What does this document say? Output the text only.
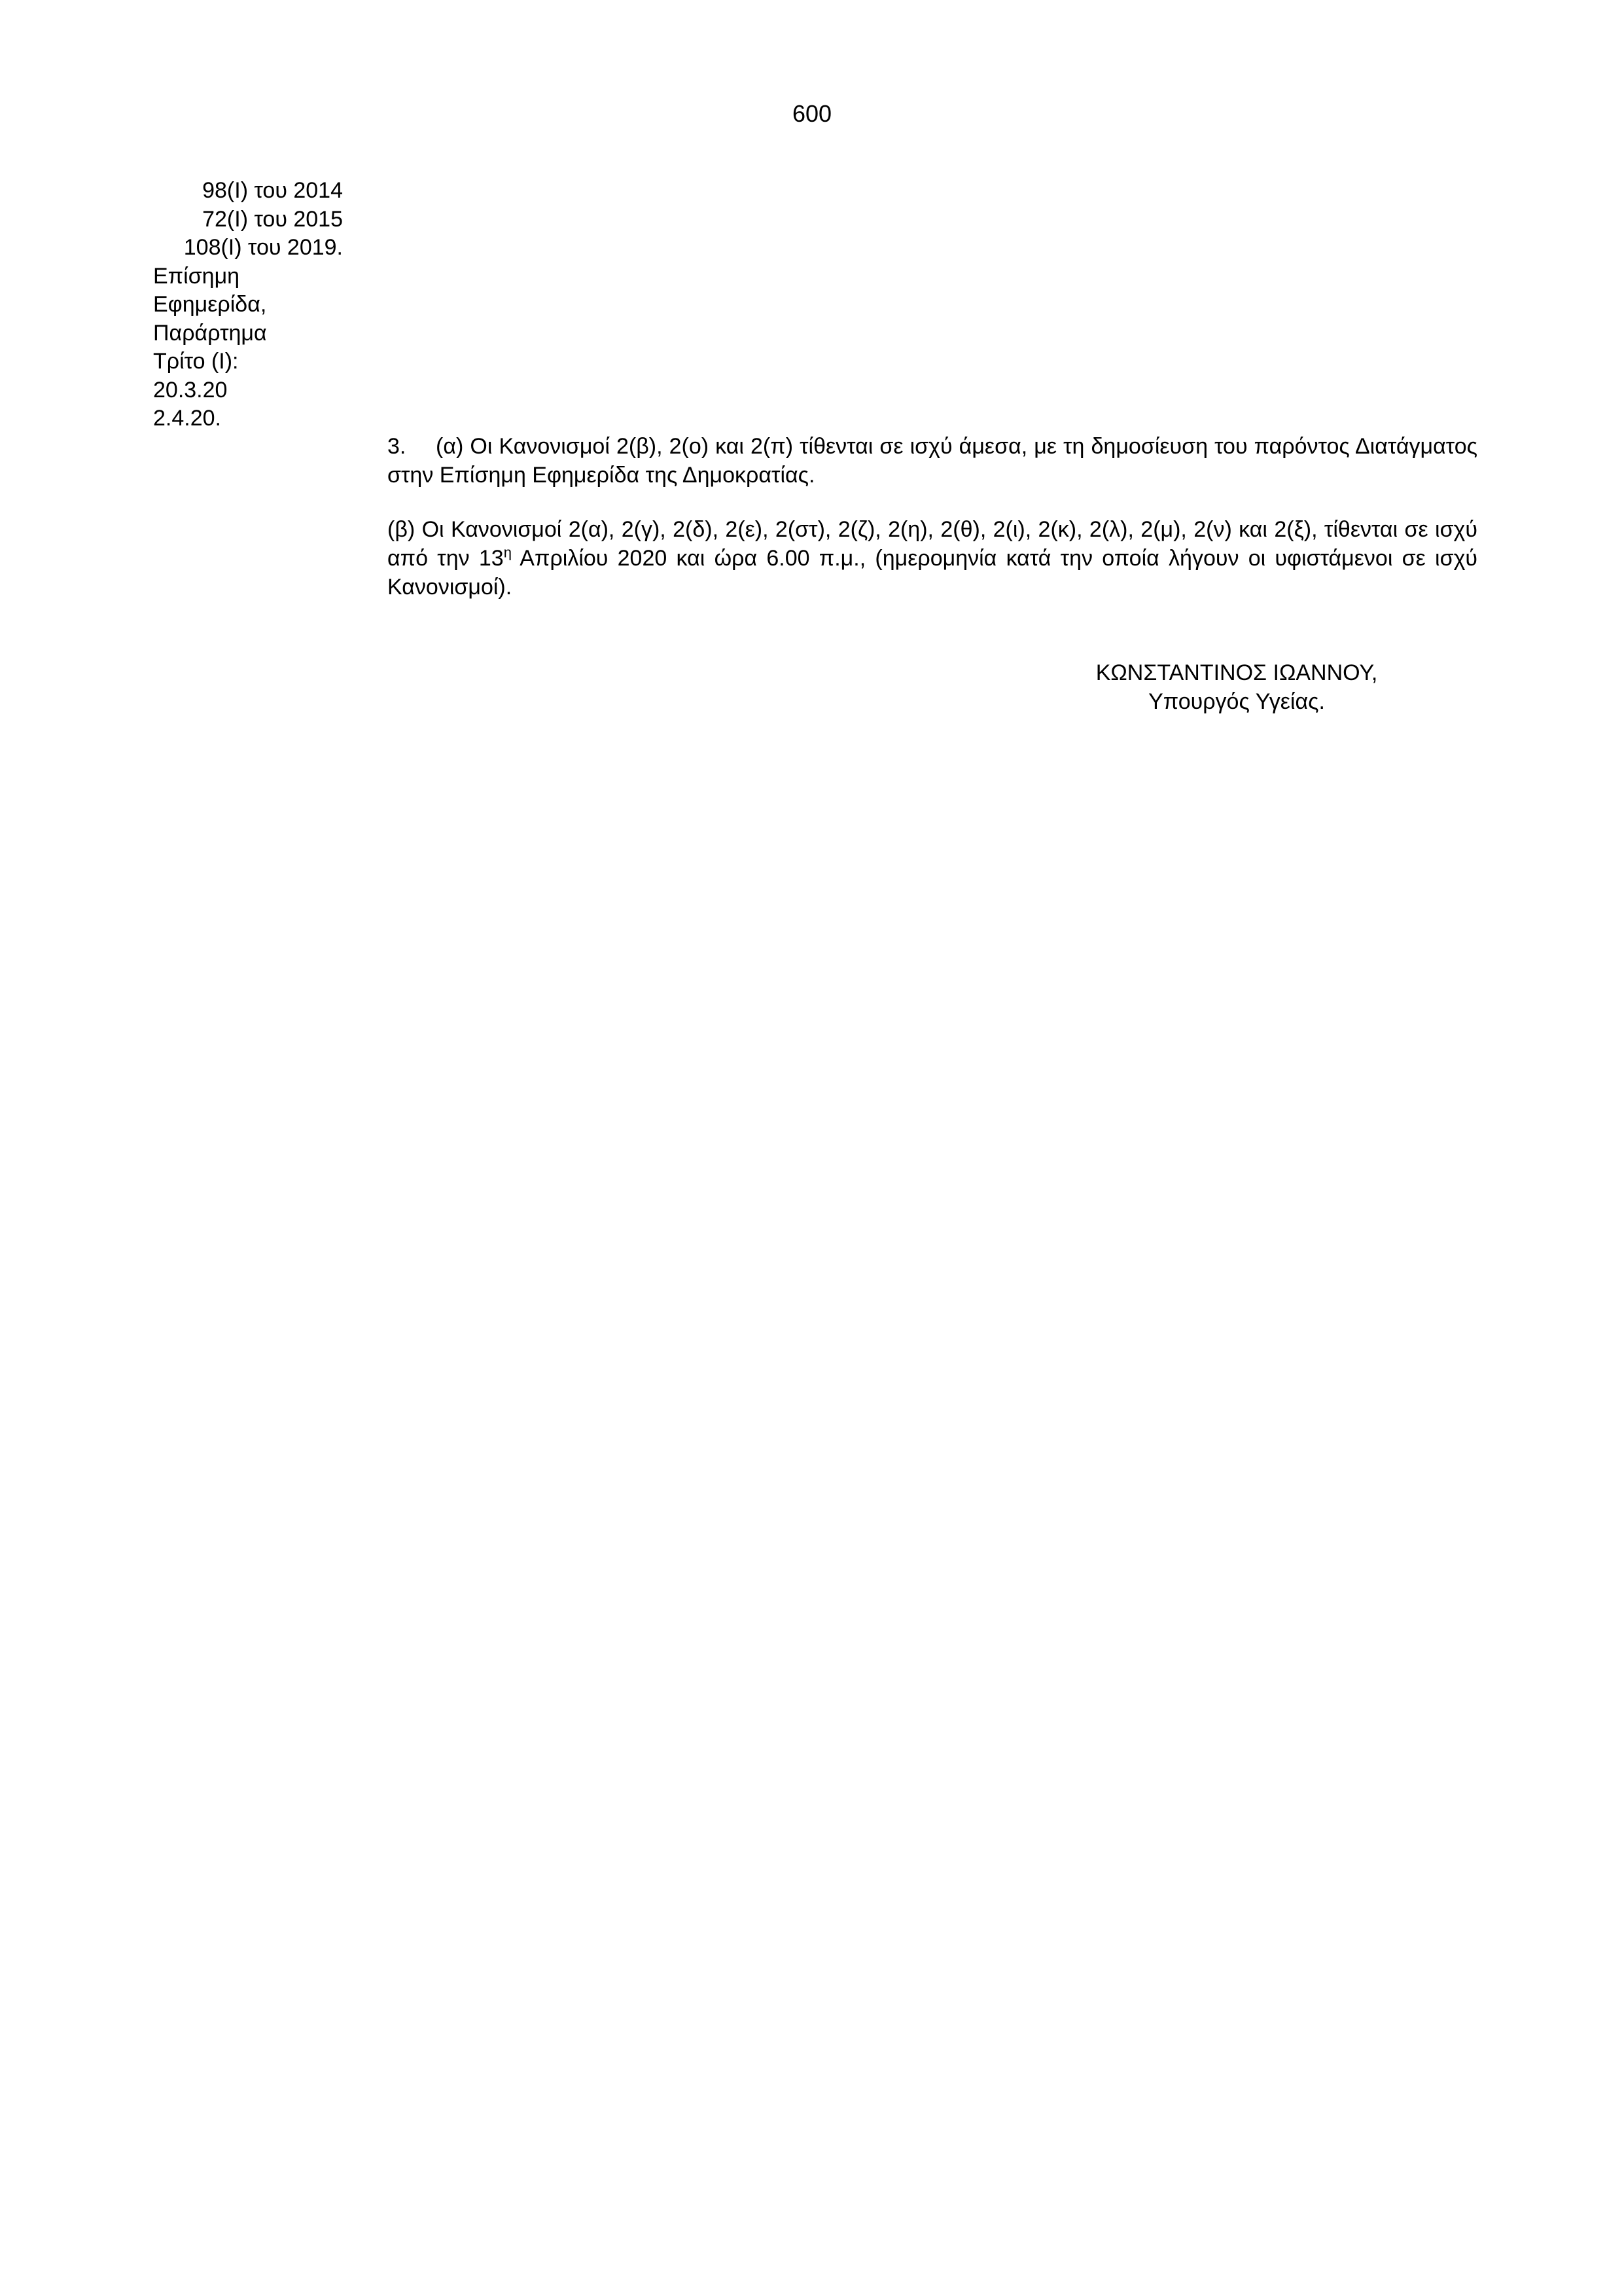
600
98(Ι) του 2014
72(Ι) του 2015
108(Ι) του 2019.
Επίσημη
Εφημερίδα,
Παράρτημα
Τρίτο (Ι):
20.3.20
2.4.20.
3. (α) Οι Κανονισμοί 2(β), 2(ο) και 2(π) τίθενται σε ισχύ άμεσα, με τη δημοσίευση του παρόντος Διατάγματος στην Επίσημη Εφημερίδα της Δημοκρατίας.
(β) Οι Κανονισμοί 2(α), 2(γ), 2(δ), 2(ε), 2(στ), 2(ζ), 2(η), 2(θ), 2(ι), 2(κ), 2(λ), 2(μ), 2(ν) και 2(ξ), τίθενται σε ισχύ από την $13^\eta$ Απριλίου 2020 και ώρα 6.00 π.μ., (ημερομηνία κατά την οποία λήγουν οι υφιστάμενοι σε ισχύ Κανονισμοί).
ΚΩΝΣΤΑΝΤΙΝΟΣ ΙΩΑΝΝΟΥ,
Υπουργός Υγείας.
